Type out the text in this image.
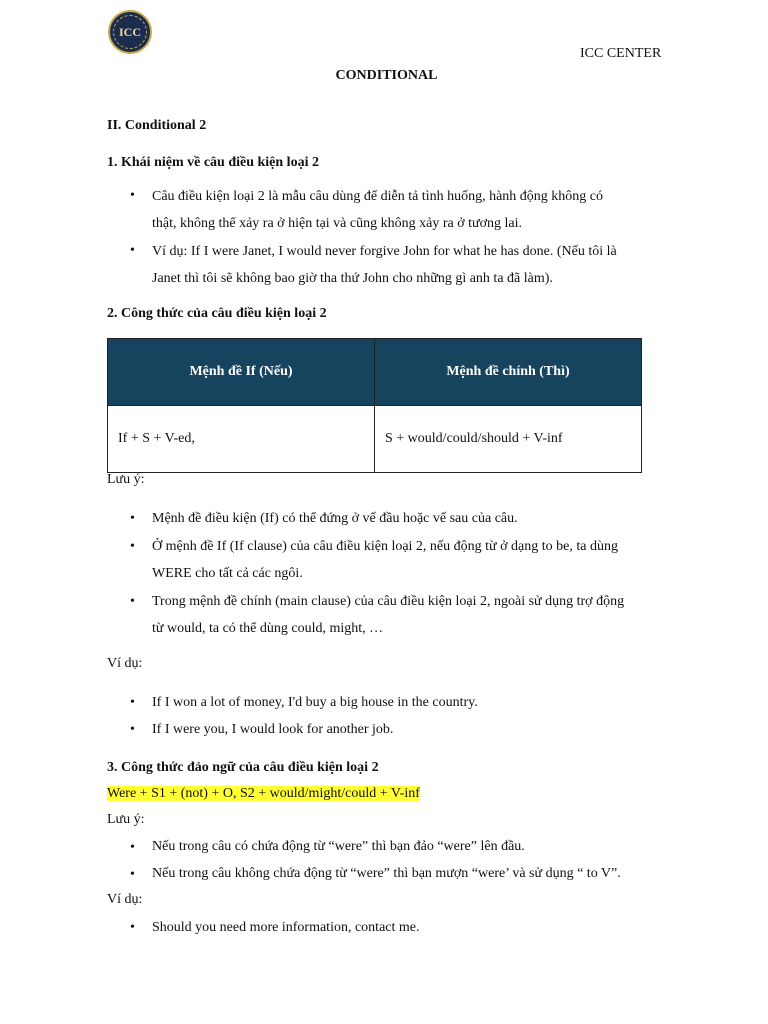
ICC
ICC CENTER
CONDITIONAL
II. Conditional 2
1. Khái niệm về câu điều kiện loại 2
• Câu điều kiện loại 2 là mẫu câu dùng để diễn tả tình huống, hành động không có
thật, không thể xảy ra ở hiện tại và cũng không xảy ra ở tương lai.
• Ví dụ: If I were Janet, I would never forgive John for what he has done. (Nếu tôi là
Janet thì tôi sẽ không bao giờ tha thứ John cho những gì anh ta đã làm).
2. Công thức của câu điều kiện loại 2
Mệnh đề If (Nếu)	Mệnh đề chính (Thì)
If + S + V-ed,	S + would/could/should + V-inf
Lưu ý:
• Mệnh đề điều kiện (If) có thể đứng ở vế đầu hoặc vế sau của câu.
• Ở mệnh đề If (If clause) của câu điều kiện loại 2, nếu động từ ở dạng to be, ta dùng
WERE cho tất cả các ngôi.
• Trong mệnh đề chính (main clause) của câu điều kiện loại 2, ngoài sử dụng trợ động
từ would, ta có thể dùng could, might, …
Ví dụ:
• If I won a lot of money, I'd buy a big house in the country.
• If I were you, I would look for another job.
3. Công thức đảo ngữ của câu điều kiện loại 2
Were + S1 + (not) + O, S2 + would/might/could + V-inf
Lưu ý:
• Nếu trong câu có chứa động từ “were” thì bạn đảo “were” lên đầu.
• Nếu trong câu không chứa động từ “were” thì bạn mượn “were’ và sử dụng “ to V”.
Ví dụ:
• Should you need more information, contact me.
